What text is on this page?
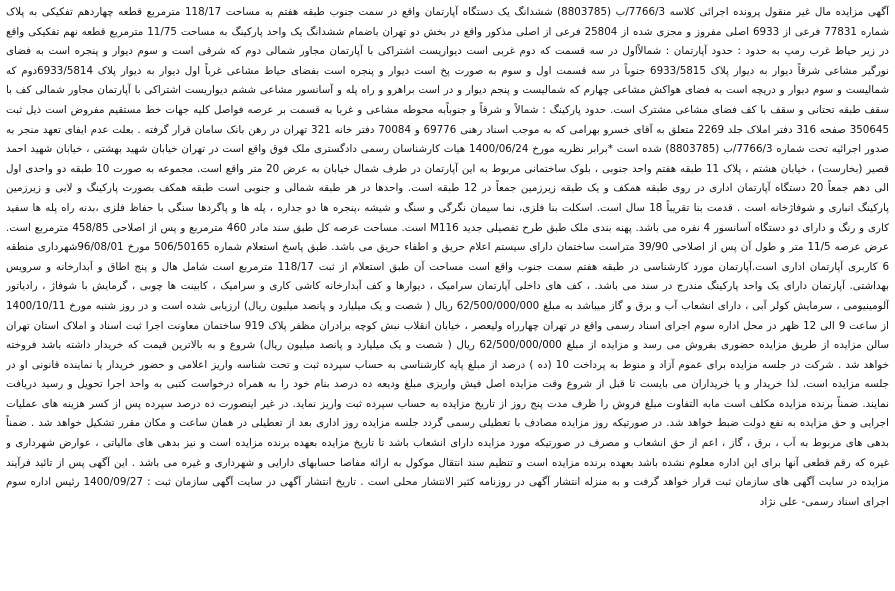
آگهی مزایده مال غیر منقول پرونده اجرائی کلاسه 7766/3/ب (8803785) ششدانگ یک دستگاه آپارتمان واقع در سمت جنوب طبقه هفتم به مساحت 118/17 مترمربع قطعه چهاردهم تفکیکی به پلاک شماره 77831 فرعی از 6933 اصلی مفروز و مجزی شده از 25804 فرعی از اصلی مذکور واقع در بخش دو تهران باضمام ششدانگ یک واحد پارکینگ به مساحت 11/75 مترمربع قطعه نهم تفکیکی واقع در زیر حیاط غرب رمپ به حدود : حدود آپارتمان : شمالاًاول در سه قسمت که دوم غربی است دیواریست اشتراکی با آپارتمان مجاور شمالی دوم که شرقی است و سوم دیوار و پنجره است به فضای نورگیر مشاعی شرقاً دیوار به دیوار پلاک 6933/5815 جنوباً در سه قسمت اول و سوم به صورت پخ است دیوار و پنجره است بفضای حیاط مشاعی غرباً اول دیوار به دیوار پلاک 6933/5814دوم که شمالیست و سوم دیوار و دریچه است به فضای هواکش مشاعی چهارم که شمالیست و پنجم دیوار و در است براهرو و راه پله و آسانسور مشاعی ششم دیواریست اشتراکی با آپارتمان مجاور شمالی کف با سقف طبقه تحتانی و سقف با کف فضای مشاعی مشترک است. حدود پارکینگ : شمالاً و شرقاً و جنوباًبه محوطه مشاعی و غربا به قسمت بر عرصه فواصل کلیه جهات خط مستقیم مفروض است ذیل ثبت 350645 صفحه 316 دفتر املاک جلد 2269 متعلق به آقای خسرو بهرامی که به موجب اسناد رهنی 69776 و 70084 دفتر خانه 321 تهران در رهن بانک سامان قرار گرفته . بعلت عدم ایفای تعهد منجر به صدور اجرائیه تحت شماره 7766/3/ب (8803785) شده است *برابر نظریه مورخ 1400/06/24 هیات کارشناسان رسمی دادگستری ملک فوق واقع است در تهران خیابان شهید بهشتی ، خیابان شهید احمد قصیر (بخارست) ، خیابان هشتم ، پلاک 11 طبقه هفتم واحد جنوبی ، بلوک ساختمانی مربوط به این آپارتمان در طرف شمال خیابان به عرض 20 متر واقع است. مجموعه به صورت 10 طبقه دو واحدی اول الی دهم جمعاً 20 دستگاه آپارتمان اداری در روی طبقه همکف و یک طبقه زیرزمین جمعاً در 12 طبقه است. واحدها در هر طبقه شمالی و جنوبی است طبقه همکف بصورت پارکینگ و لابی و زیرزمین پارکینگ انباری و شوفاژخانه است . قدمت بنا تقریباً 18 سال است. اسکلت بنا فلزی، نما سیمان نگرگی و سنگ و شیشه ،پنجره ها دو جداره ، پله ها و پاگردها سنگی با حفاظ فلزی ،بدنه راه پله ها سفید کاری و رنگ و دارای دو دستگاه آسانسور 4 نفره می باشد. پهنه بندی ملک طبق طرح تفصیلی جدید M116 است. مساحت عرصه کل طبق سند مادر 460 مترمربع و پس از اصلاحی 458/85 مترمربع است. عرض عرصه 11/5 متر و طول آن پس از اصلاحی 39/90 متراست ساختمان دارای سیستم اعلام حریق و اطفاء حریق می باشد. طبق پاسخ استعلام شماره 506/50165 مورخ 96/08/01شهرداری منطقه 6 کاربری آپارتمان اداری است.آپارتمان مورد کارشناسی در طبقه هفتم سمت جنوب واقع است مساحت آن طبق استعلام از ثبت 118/17 مترمربع است شامل هال و پنج اطاق و آبدارخانه و سرویس بهداشتی. آپارتمان دارای یک واحد پارکینگ مندرج در سند می باشد. ، کف های داخلی آپارتمان سرامیک ، دیوارها و کف آبدارخانه کاشی کاری و سرامیک ، کابینت ها چوبی ، گرمایش با شوفاژ ، رادیاتور آلومینیومی ، سرمایش کولر آبی ، دارای انشعاب آب و برق و گاز میباشد به مبلغ 62/500/000/000 ریال ( شصت و یک میلیارد و پانصد میلیون ریال) ارزیابی شده است و در روز شنبه مورخ 1400/10/11 از ساعت 9 الی 12 ظهر در محل اداره سوم اجرای اسناد رسمی واقع در تهران چهارراه ولیعصر ، خیابان انقلاب نبش کوچه برادران مظفر پلاک 919 ساختمان معاونت اجرا ثبت اسناد و املاک استان تهران سالن مزایده از طریق مزایده حضوری بفروش می رسد و مزایده از مبلغ 62/500/000/000 ریال ( شصت و یک میلیارد و پانصد میلیون ریال) شروع و به بالاترین قیمت که خریدار داشته باشد فروخته خواهد شد . شرکت در جلسه مزایده برای عموم آزاد و منوط به پرداخت 10 (ده ) درصد از مبلغ پایه کارشناسی به حساب سپرده ثبت و تحت شناسه واریز اعلامی و حضور خریدار یا نماینده قانونی او در جلسه مزایده است. لذا خریدار و یا خریداران می بایست تا قبل از شروع وقت مزایده اصل فیش واریزی مبلغ ودیعه ده درصد بنام خود را به همراه درخواست کتبی به واحد اجرا تحویل و رسید دریافت نمایند. ضمناً برنده مزایده مکلف است مابه التفاوت مبلغ فروش را ظرف مدت پنج روز از تاریخ مزایده به حساب سپرده ثبت واریز نماید. در غیر اینصورت ده درصد سپرده پس از کسر هزینه های عملیات اجرایی و حق مزایده به نفع دولت ضبط خواهد شد. در صورتیکه روز مزایده مصادف با تعطیلی رسمی گردد جلسه مزایده روز اداری بعد از تعطیلی در همان ساعت و مکان مقرر تشکیل خواهد شد . ضمناً بدهی های مربوط به آب ، برق ، گاز ، اعم از حق انشعاب و مصرف در صورتیکه مورد مزایده دارای انشعاب باشد تا تاریخ مزایده بعهده برنده مزایده است و نیز بدهی های مالیاتی ، عوارض شهرداری و غیره که رقم قطعی آنها برای این اداره معلوم نشده باشد بعهده برنده مزایده است و تنظیم سند انتقال موکول به ارائه مفاصا حسابهای دارایی و شهرداری و غیره می باشد . این آگهی پس از تائید فرآیند مزایده در سایت آگهی های سازمان ثبت قرار خواهد گرفت و به منزله انتشار آگهی در روزنامه کثیر الانتشار محلی است . تاریخ انتشار آگهی در سایت آگهی سازمان ثبت : 1400/09/27 رئیس اداره سوم اجرای اسناد رسمی- علی نژاد
